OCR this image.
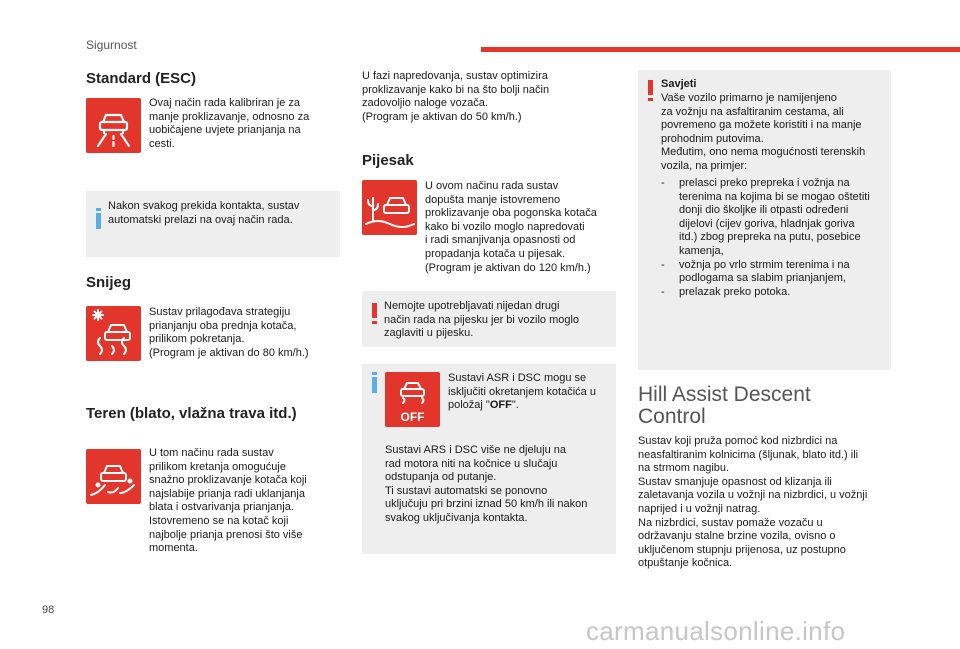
Sigurnost
Standard (ESC)
Ovaj način rada kalibriran je za
manje proklizavanje, odnosno za
uobičajene uvjete prianjanja na
cesti.
Nakon svakog prekida kontakta, sustav
automatski prelazi na ovaj način rada.
Snijeg
Sustav prilagođava strategiju
prianjanju oba prednja kotača,
prilikom pokretanja.
(Program je aktivan do 80 km/h.)
Teren (blato, vlažna trava itd.)
U tom načinu rada sustav
prilikom kretanja omogućuje
snažno proklizavanje kotača koji
najslabije prianja radi uklanjanja
blata i ostvarivanja prianjanja.
Istovremeno se na kotač koji
najbolje prianja prenosi što više
momenta.
U fazi napredovanja, sustav optimizira
proklizavanje kako bi na što bolji način
zadovoljio naloge vozača.
(Program je aktivan do 50 km/h.)
Pijesak
U ovom načinu rada sustav
dopušta manje istovremeno
proklizavanje oba pogonska kotača
kako bi vozilo moglo napredovati
i radi smanjivanja opasnosti od
propadanja kotača u pijesak.
(Program je aktivan do 120 km/h.)
Nemojte upotrebljavati nijedan drugi
način rada na pijesku jer bi vozilo moglo
zaglaviti u pijesku.
OFF
Sustavi ASR i DSC mogu se
isključiti okretanjem kotačića u
položaj "OFF".
Sustavi ARS i DSC više ne djeluju na
rad motora niti na kočnice u slučaju
odstupanja od putanje.
Ti sustavi automatski se ponovno
uključuju pri brzini iznad 50 km/h ili nakon
svakog uključivanja kontakta.
Savjeti
Vaše vozilo primarno je namijenjeno
za vožnju na asfaltiranim cestama, ali
povremeno ga možete koristiti i na manje
prohodnim putovima.
Međutim, ono nema mogućnosti terenskih
vozila, na primjer:
- prelasci preko prepreka i vožnja na
terenima na kojima bi se mogao oštetiti
donji dio školjke ili otpasti određeni
dijelovi (cijev goriva, hladnjak goriva
itd.) zbog prepreka na putu, posebice
kamenja,
- vožnja po vrlo strmim terenima i na
podlogama sa slabim prianjanjem,
- prelazak preko potoka.
Hill Assist Descent
Control
Sustav koji pruža pomoć kod nizbrdici na
neasfaltiranim kolnicima (šljunak, blato itd.) ili
na strmom nagibu.
Sustav smanjuje opasnost od klizanja ili
zaletavanja vozila u vožnji na nizbrdici, u vožnji
naprijed i u vožnji natrag.
Na nizbrdici, sustav pomaže vozaču u
održavanju stalne brzine vozila, ovisno o
uključenom stupnju prijenosa, uz postupno
otpuštanje kočnica.
98
carmanualsonline.info
